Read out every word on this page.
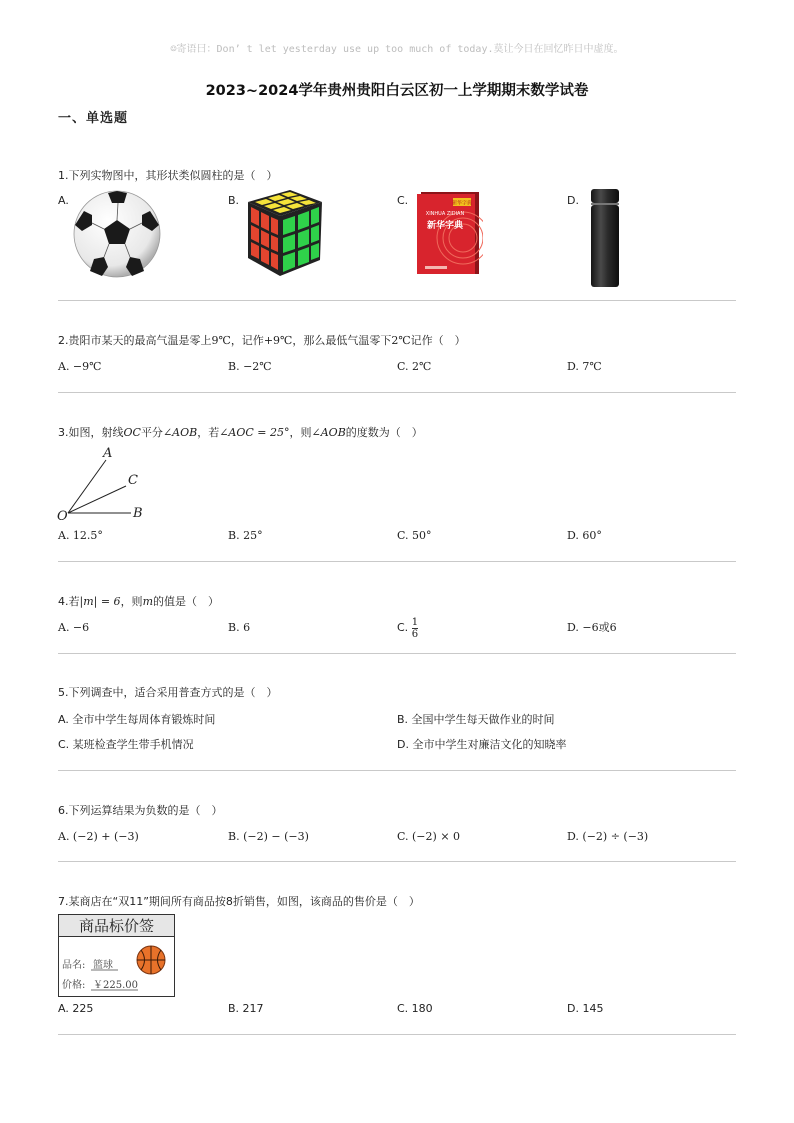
☺寄语曰：Don’ t let yesterday use up too much of today.莫让今日在回忆昨日中虚度。
2023~2024学年贵州贵阳白云区初一上学期期末数学试卷
一、单选题
1.下列实物图中，其形状类似圆柱的是（　）
A.	B.	C.	D.
新华字典
XINHUA ZIDIAN
新华字典
2.贵阳市某天的最高气温是零上9℃，记作+9℃，那么最低气温零下2℃记作（　）
A. −9℃	B. −2℃	C. 2℃	D. 7℃
3.如图，射线OC平分∠AOB，若∠AOC = 25°，则∠AOB的度数为（　）
A
C
O	B
A. 12.5°	B. 25°	C. 50°	D. 60°
4.若|m| = 6，则m的值是（　）
A. −6	B. 6	C. $\frac{1}{6}$	D. −6或6
5.下列调查中，适合采用普查方式的是（　）
A. 全市中学生每周体育锻炼时间	B. 全国中学生每天做作业的时间
C. 某班检查学生带手机情况	D. 全市中学生对廉洁文化的知晓率
6.下列运算结果为负数的是（　）
A. (−2) + (−3)	B. (−2) − (−3)	C. (−2) × 0	D. (−2) ÷ (−3)
7.某商店在“双11”期间所有商品按8折销售，如图，该商品的售价是（　）
商品标价签
品名: 篮球
价格: ￥225.00
A. 225	B. 217	C. 180	D. 145
